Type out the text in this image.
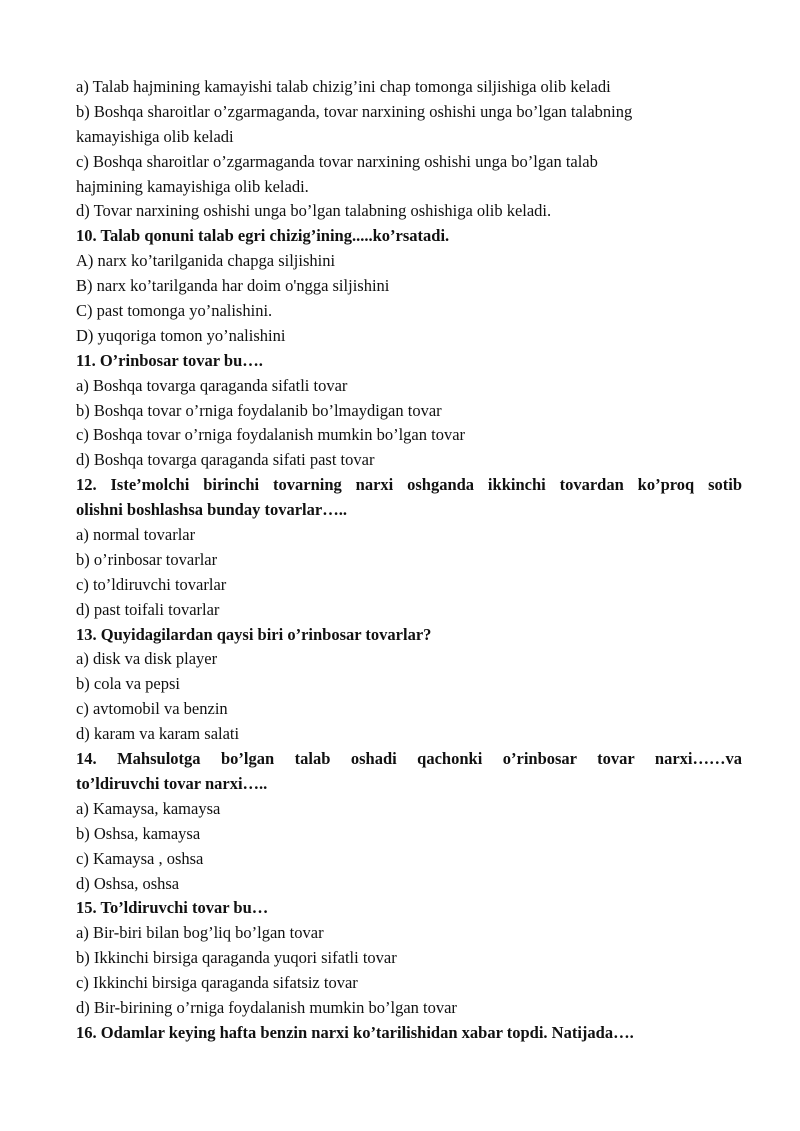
a) Talab hajmining kamayishi talab chizig’ini chap tomonga siljishiga olib keladi
b) Boshqa sharoitlar o’zgarmaganda, tovar narxining oshishi unga bo’lgan talabning
kamayishiga olib keladi
c) Boshqa sharoitlar o’zgarmaganda tovar narxining oshishi unga bo’lgan talab
hajmining kamayishiga olib keladi.
d) Tovar narxining oshishi unga bo’lgan talabning oshishiga olib keladi.
10. Talab qonuni talab egri chizig’ining.....ko’rsatadi.
A) narx ko’tarilganida chapga siljishini
B) narx ko’tarilganda har doim o'ngga siljishini
C) past tomonga yo’nalishini.
D) yuqoriga tomon yo’nalishini
11. O’rinbosar tovar bu….
a) Boshqa tovarga qaraganda sifatli tovar
b) Boshqa tovar o’rniga foydalanib bo’lmaydigan tovar
c) Boshqa tovar o’rniga foydalanish mumkin bo’lgan tovar
d) Boshqa tovarga qaraganda sifati past tovar
12. Iste’molchi birinchi tovarning narxi oshganda ikkinchi tovardan ko’proq sotib
olishni boshlashsa bunday tovarlar…..
a) normal tovarlar
b) o’rinbosar tovarlar
c) to’ldiruvchi tovarlar
d) past toifali tovarlar
13. Quyidagilardan qaysi biri o’rinbosar tovarlar?
a) disk va disk player
b) cola va pepsi
c) avtomobil va benzin
d) karam va karam salati
14. Mahsulotga bo’lgan talab oshadi qachonki o’rinbosar tovar narxi……va
to’ldiruvchi tovar narxi…..
a) Kamaysa, kamaysa
b) Oshsa, kamaysa
c) Kamaysa , oshsa
d) Oshsa, oshsa
15. To’ldiruvchi tovar bu…
a) Bir-biri bilan bog’liq bo’lgan tovar
b) Ikkinchi birsiga qaraganda yuqori sifatli tovar
c) Ikkinchi birsiga qaraganda sifatsiz tovar
d) Bir-birining o’rniga foydalanish mumkin bo’lgan tovar
16. Odamlar keying hafta benzin narxi ko’tarilishidan xabar topdi. Natijada….
